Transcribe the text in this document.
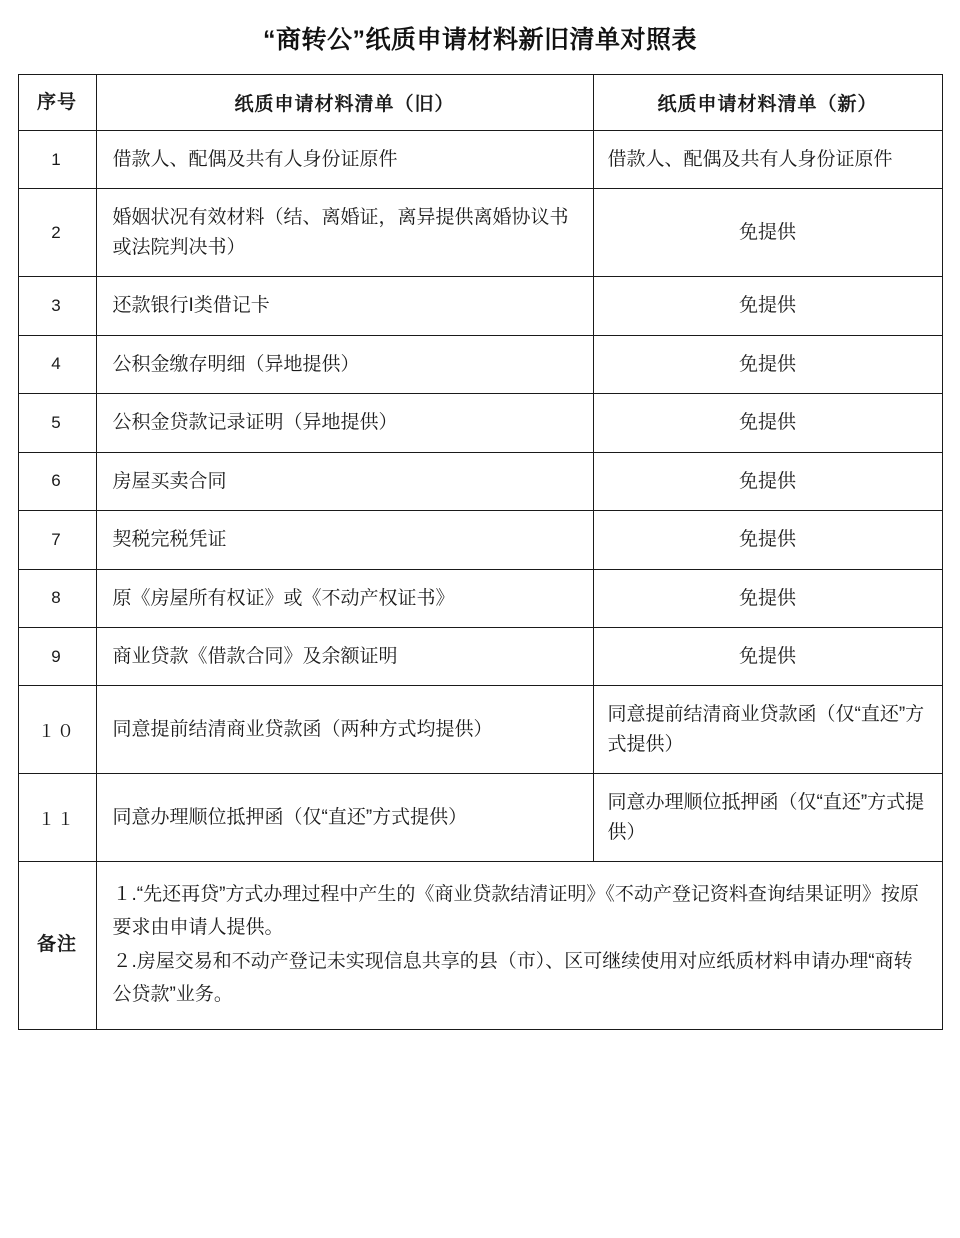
“商转公”纸质申请材料新旧清单对照表
序号	纸质申请材料清单（旧）	纸质申请材料清单（新）
1	借款人、配偶及共有人身份证原件	借款人、配偶及共有人身份证原件
2	婚姻状况有效材料（结、离婚证，离异提供离婚协议书或法院判决书）	免提供
3	还款银行I类借记卡	免提供
4	公积金缴存明细（异地提供）	免提供
5	公积金贷款记录证明（异地提供）	免提供
6	房屋买卖合同	免提供
7	契税完税凭证	免提供
8	原《房屋所有权证》或《不动产权证书》	免提供
9	商业贷款《借款合同》及余额证明	免提供
１０	同意提前结清商业贷款函（两种方式均提供）	同意提前结清商业贷款函（仅“直还”方式提供）
１１	同意办理顺位抵押函（仅“直还”方式提供）	同意办理顺位抵押函（仅“直还”方式提供）

备注	１.“先还再贷”方式办理过程中产生的《商业贷款结清证明》《不动产登记资料查询结果证明》按原要求由申请人提供。

２.房屋交易和不动产登记未实现信息共享的县（市）、区可继续使用对应纸质材料申请办理“商转公贷款”业务。	
